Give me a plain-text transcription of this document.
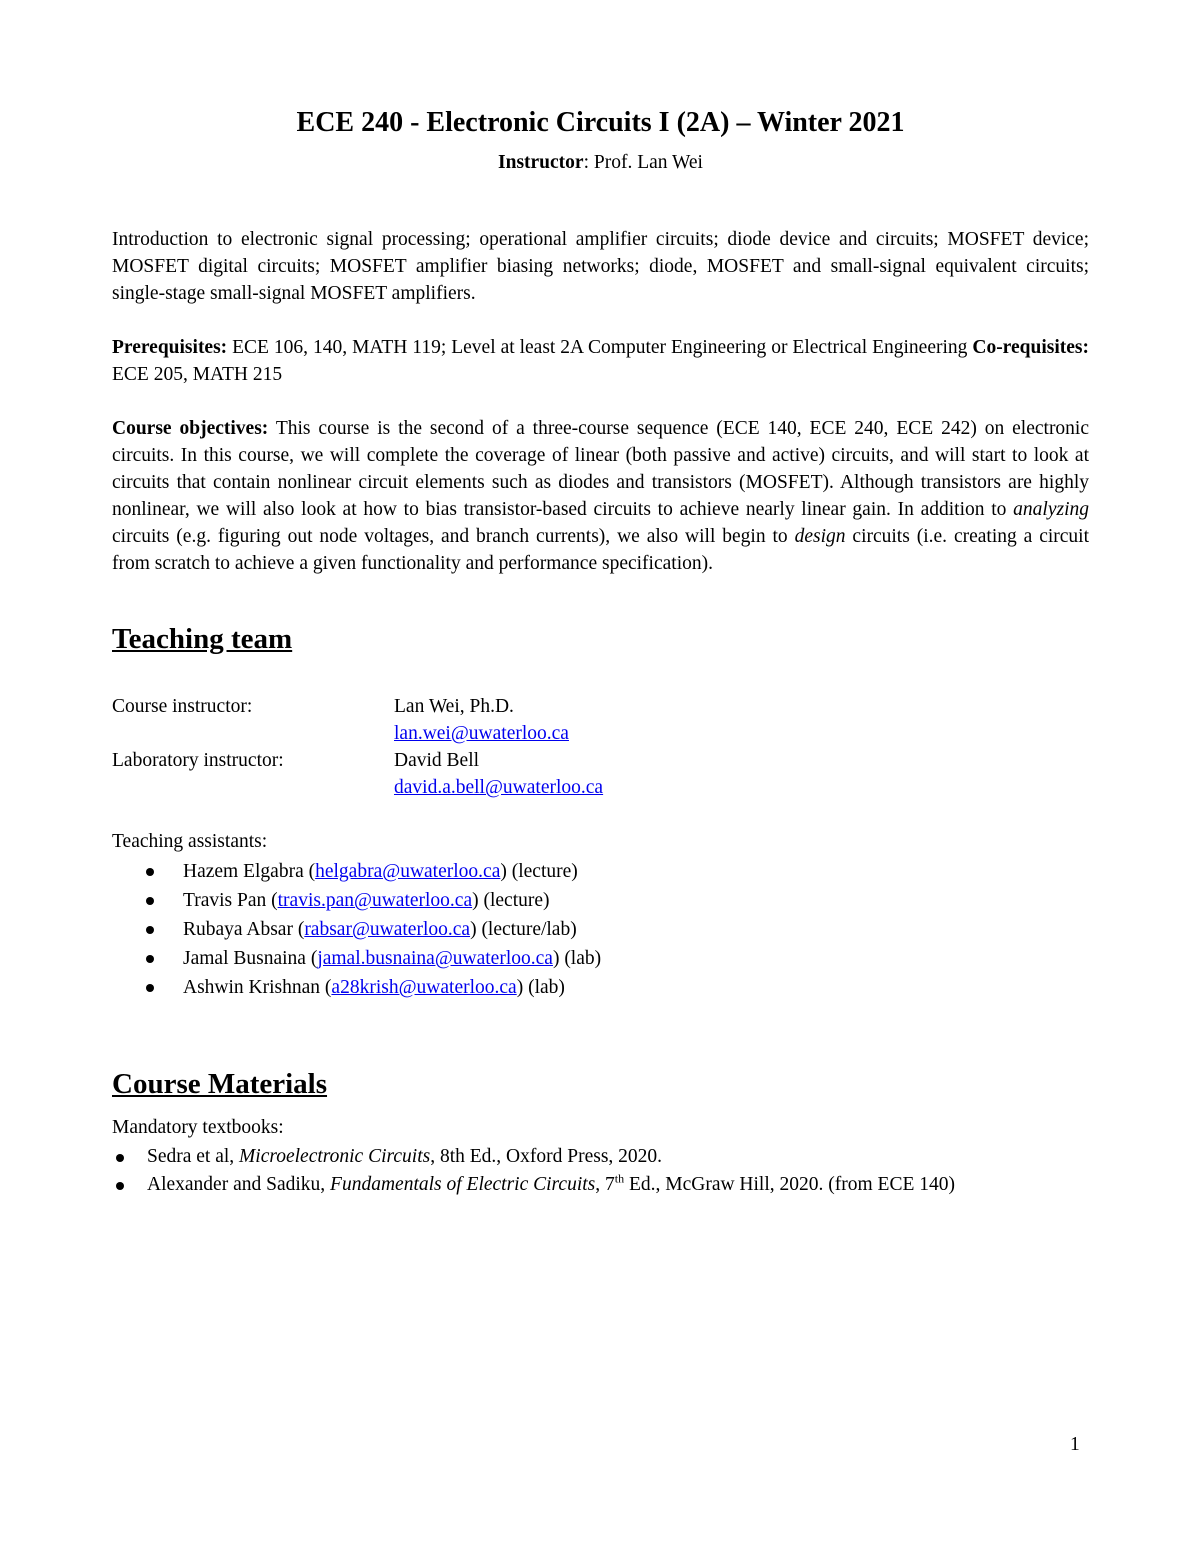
ECE 240 - Electronic Circuits I (2A) – Winter 2021

Instructor: Prof. Lan Wei

Introduction to electronic signal processing; operational amplifier circuits; diode device and circuits; MOSFET device; MOSFET digital circuits; MOSFET amplifier biasing networks; diode, MOSFET and small-signal equivalent circuits; single-stage small-signal MOSFET amplifiers.

Prerequisites: ECE 106, 140, MATH 119; Level at least 2A Computer Engineering or Electrical Engineering Co-requisites: ECE 205, MATH 215

Course objectives: This course is the second of a three-course sequence (ECE 140, ECE 240, ECE 242) on electronic circuits. In this course, we will complete the coverage of linear (both passive and active) circuits, and will start to look at circuits that contain nonlinear circuit elements such as diodes and transistors (MOSFET). Although transistors are highly nonlinear, we will also look at how to bias transistor-based circuits to achieve nearly linear gain. In addition to analyzing circuits (e.g. figuring out node voltages, and branch currents), we also will begin to design circuits (i.e. creating a circuit from scratch to achieve a given functionality and performance specification).

Teaching team
Course instructor:	Lan Wei, Ph.D.
lan.wei@uwaterloo.ca
Laboratory instructor:	David Bell
david.a.bell@uwaterloo.ca

Teaching assistants:

Hazem Elgabra (helgabra@uwaterloo.ca) (lecture)
Travis Pan (travis.pan@uwaterloo.ca) (lecture)
Rubaya Absar (rabsar@uwaterloo.ca) (lecture/lab)
Jamal Busnaina (jamal.busnaina@uwaterloo.ca) (lab)
Ashwin Krishnan (a28krish@uwaterloo.ca) (lab)
Course Materials

Mandatory textbooks:

Sedra et al, Microelectronic Circuits, 8th Ed., Oxford Press, 2020.
Alexander and Sadiku, Fundamentals of Electric Circuits, 7th Ed., McGraw Hill, 2020. (from ECE 140)
1
